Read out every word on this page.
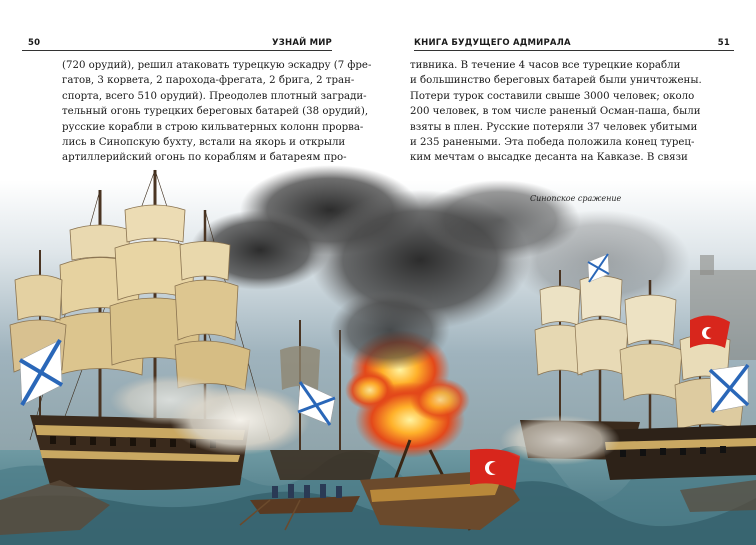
50	УЗНАЙ МИР

(720 орудий), решил атаковать турецкую эскадру (7 фре-
гатов, 3 корвета, 2 парохода-фрегата, 2 брига, 2 тран-
спорта, всего 510 орудий). Преодолев плотный загради-
тельный огонь турецких береговых батарей (38 орудий),
русские корабли в строю кильватерных колонн прорва-
лись в Синопскую бухту, встали на якорь и открыли
артиллерийский огонь по кораблям и батареям про-

КНИГА БУДУЩЕГО АДМИРАЛА	51

тивника. В течение 4 часов все турецкие корабли
и большинство береговых батарей были уничтожены.
Потери турок составили свыше 3000 человек; около
200 человек, в том числе раненый Осман-паша, были
взяты в плен. Русские потеряли 37 человек убитыми
и 235 ранеными. Эта победа положила конец турец-
ким мечтам о высадке десанта на Кавказе. В связи

Синопское сражение
